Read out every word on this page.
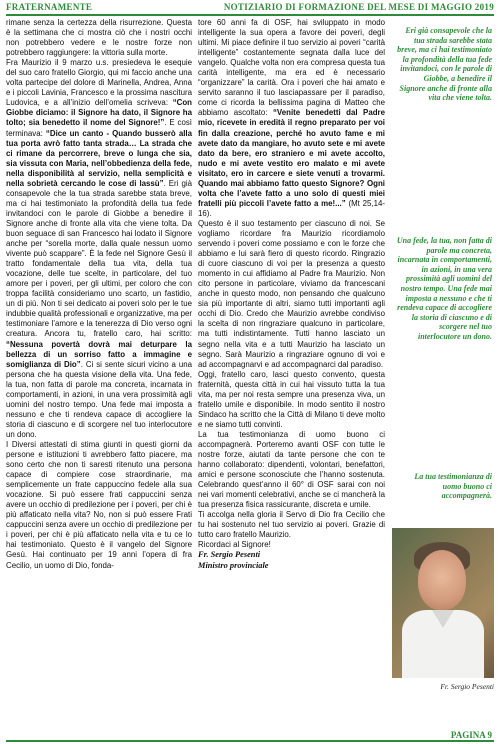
FRATERNAMENTE	NOTIZIARIO DI FORMAZIONE DEL MESE DI MAGGIO 2019

rimane senza la certezza della risurrezione. Questa è la settimana che ci mostra ciò che i nostri occhi non potrebbero vedere e le nostre forze non potrebbero raggiungere: la vittoria sulla morte.

Fra Maurizio il 9 marzo u.s. presiedeva le esequie del suo caro fratello Giorgio, qui mi faccio anche una volta partecipe del dolore di Marinella, Andrea, Anna e i piccoli Lavinia, Francesco e la prossima nascitura Ludovica, e a all’inizio dell’omelia scriveva: “Con Giobbe diciamo: il Signore ha dato, il Signore ha tolto; sia benedetto il nome del Signore!”. E così terminava: “Dice un canto - Quando busserò alla tua porta avrò fatto tanta strada… La strada che ci rimane da percorrere, breve o lunga che sia, sia vissuta con Maria, nell’obbedienza della fede, nella disponibilità al servizio, nella semplicità e nella sobrietà cercando le cose di lassù”. Eri già consapevole che la tua strada sarebbe stata breve, ma ci hai testimoniato la profondità della tua fede invitandoci con le parole di Giobbe a benedire il Signore anche di fronte alla vita che viene tolta. Da buon seguace di san Francesco hai lodato il Signore anche per “sorella morte, dalla quale nessun uomo vivente può scappare”. È la fede nel Signore Gesù il tratto fondamentale della tua vita, della tua vocazione, delle tue scelte, in particolare, del tuo amore per i poveri, per gli ultimi, per coloro che con troppa facilità consideriamo uno scarto, un fastidio, un di più. Non ti sei dedicato ai poveri solo per le tue indubbie qualità professionali e organizzative, ma per testimoniare l’amore e la tenerezza di Dio verso ogni creatura. Ancora tu, fratello caro, hai scritto: “Nessuna povertà dovrà mai deturpare la bellezza di un sorriso fatto a immagine e somiglianza di Dio”. Ci si sente sicuri vicino a una persona che ha questa visione della vita. Una fede, la tua, non fatta di parole ma concreta, incarnata in comportamenti, in azioni, in una vera prossimità agli uomini del nostro tempo. Una fede mai imposta a nessuno e che ti rendeva capace di accogliere la storia di ciascuno e di scorgere nel tuo interlocutore un dono.

I Diversi attestati di stima giunti in questi giorni da persone e istituzioni ti avrebbero fatto piacere, ma sono certo che non ti saresti ritenuto una persona capace di compiere cose straordinarie, ma semplicemente un frate cappuccino fedele alla sua vocazione. Si può essere frati cappuccini senza avere un occhio di predilezione per i poveri, per chi è più affaticato nella vita? No, non si può essere Frati cappuccini senza avere un occhio di predilezione per i poveri, per chi è più affaticato nella vita e tu ce lo hai testimoniato. Questo è il vangelo del Signore Gesù. Hai continuato per 19 anni l’opera di fra Cecilio, un uomo di Dio, fonda-

tore 60 anni fa di OSF, hai sviluppato in modo intelligente la sua opera a favore dei poveri, degli ultimi. Mi piace definire il tuo servizio ai poveri “carità intelligente” costantemente segnata dalla luce del vangelo. Qualche volta non era compresa questa tua carità intelligente, ma era ed è necessario “organizzare” la carità. Ora i poveri che hai amato e servito saranno il tuo lasciapassare per il paradiso, come ci ricorda la bellissima pagina di Matteo che abbiamo ascoltato: “Venite benedetti dal Padre mio, ricevete in eredità il regno preparato per voi fin dalla creazione, perché ho avuto fame e mi avete dato da mangiare, ho avuto sete e mi avete dato da bere, ero straniero e mi avete accolto, nudo e mi avete vestito ero malato e mi avete visitato, ero in carcere e siete venuti a trovarmi. Quando mai abbiamo fatto questo Signore? Ogni volta che l’avete fatto a uno solo di questi miei fratelli più piccoli l’avete fatto a me!...” (Mt 25,14-16).

Questo è il suo testamento per ciascuno di noi. Se vogliamo ricordare fra Maurizio ricordiamolo servendo i poveri come possiamo e con le forze che abbiamo e lui sarà fiero di questo ricordo. Ringrazio di cuore ciascuno di voi per la presenza a questo momento in cui affidiamo al Padre fra Maurizio. Non cito persone in particolare, viviamo da francescani anche in questo modo, non pensando che qualcuno sia più importante di altri, siamo tutti importanti agli occhi di Dio. Credo che Maurizio avrebbe condiviso la scelta di non ringraziare qualcuno in particolare, ma tutti indistintamente. Tutti hanno lasciato un segno nella vita e a tutti Maurizio ha lasciato un segno. Sarà Maurizio a ringraziare ognuno di voi e ad accompagnarvi e ad accompagnarci dal paradiso.

Oggi, fratello caro, lasci questo convento, questa fraternità, questa città in cui hai vissuto tutta la tua vita, ma per noi resta sempre una presenza viva, un fratello umile e disponibile. In modo sentito il nostro Sindaco ha scritto che la Città di Milano ti deve molto e ne siamo tutti convinti.

La tua testimonianza di uomo buono ci accompagnerà. Porteremo avanti OSF con tutte le nostre forze, aiutati da tante persone che con te hanno collaborato: dipendenti, volontari, benefattori, amici e persone sconosciute che l’hanno sostenuta. Celebrando quest’anno il 60° di OSF sarai con noi nei vari momenti celebrativi, anche se ci mancherà la tua presenza fisica rassicurante, discreta e umile.

Ti accolga nella gloria il Servo di Dio fra Cecilio che tu hai sostenuto nel tuo servizio ai poveri. Grazie di tutto caro fratello Maurizio.

Ricordaci al Signore!

Fr. Sergio Pesenti

Ministro provinciale

Eri già consapevole che la tua strada sarebbe stata breve, ma ci hai testimoniato la profondità della tua fede invitandoci, con le parole di Giobbe, a benedire il Signore anche di fronte alla vita che viene tolta.
Una fede, la tua, non fatta di parole ma concreta, incarnata in comportamenti, in azioni, in una vera prossimità agli uomini del nostro tempo. Una fede mai imposta a nessuno e che ti rendeva capace di accogliere la storia di ciascuno e di scorgere nel tuo interlocutore un dono.
La tua testimonianza di uomo buono ci accompagnerà.
Fr. Sergio Pesenti
PAGINA 9
